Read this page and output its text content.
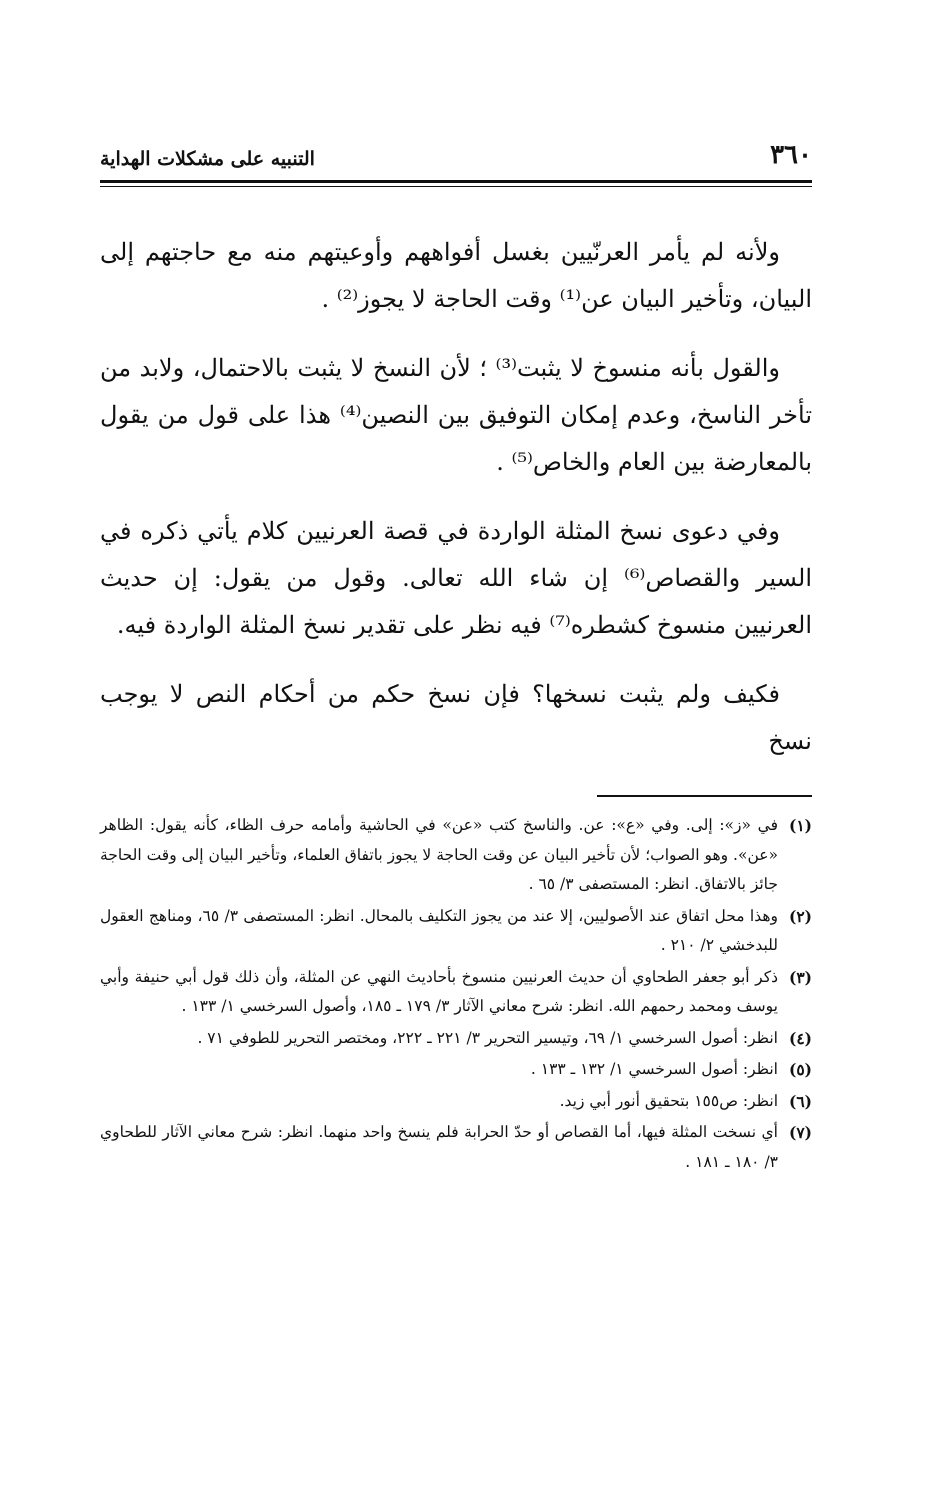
٣٦٠
التنبيه على مشكلات الهداية

ولأنه لم يأمر العرنّيين بغسل أفواههم وأوعيتهم منه مع حاجتهم إلى البيان، وتأخير البيان عن⁽¹⁾ وقت الحاجة لا يجوز⁽²⁾ .

والقول بأنه منسوخ لا يثبت⁽³⁾ ؛ لأن النسخ لا يثبت بالاحتمال، ولابد من تأخر الناسخ، وعدم إمكان التوفيق بين النصين⁽⁴⁾ هذا على قول من يقول بالمعارضة بين العام والخاص⁽⁵⁾ .

وفي دعوى نسخ المثلة الواردة في قصة العرنيين كلام يأتي ذكره في السير والقصاص⁽⁶⁾ إن شاء الله تعالى. وقول من يقول: إن حديث العرنيين منسوخ كشطره⁽⁷⁾ فيه نظر على تقدير نسخ المثلة الواردة فيه.

فكيف ولم يثبت نسخها؟ فإن نسخ حكم من أحكام النص لا يوجب نسخ

(١)
في «ز»: إلى. وفي «ع»: عن. والناسخ كتب «عن» في الحاشية وأمامه حرف الظاء، كأنه يقول: الظاهر «عن». وهو الصواب؛ لأن تأخير البيان عن وقت الحاجة لا يجوز باتفاق العلماء، وتأخير البيان إلى وقت الحاجة جائز بالاتفاق. انظر: المستصفى ٣/ ٦٥ .
(٢)
وهذا محل اتفاق عند الأصوليين، إلا عند من يجوز التكليف بالمحال. انظر: المستصفى ٣/ ٦٥، ومناهج العقول للبدخشي ٢/ ٢١٠ .
(٣)
ذكر أبو جعفر الطحاوي أن حديث العرنيين منسوخ بأحاديث النهي عن المثلة، وأن ذلك قول أبي حنيفة وأبي يوسف ومحمد رحمهم الله. انظر: شرح معاني الآثار ٣/ ١٧٩ ـ ١٨٥، وأصول السرخسي ١/ ١٣٣ .
(٤)
انظر: أصول السرخسي ١/ ٦٩، وتيسير التحرير ٣/ ٢٢١ ـ ٢٢٢، ومختصر التحرير للطوفي ٧١ .
(٥)
انظر: أصول السرخسي ١/ ١٣٢ ـ ١٣٣ .
(٦)
انظر: ص١٥٥ بتحقيق أنور أبي زيد.
(٧)
أي نسخت المثلة فيها، أما القصاص أو حدّ الحرابة فلم ينسخ واحد منهما. انظر: شرح معاني الآثار للطحاوي ٣/ ١٨٠ ـ ١٨١ .
